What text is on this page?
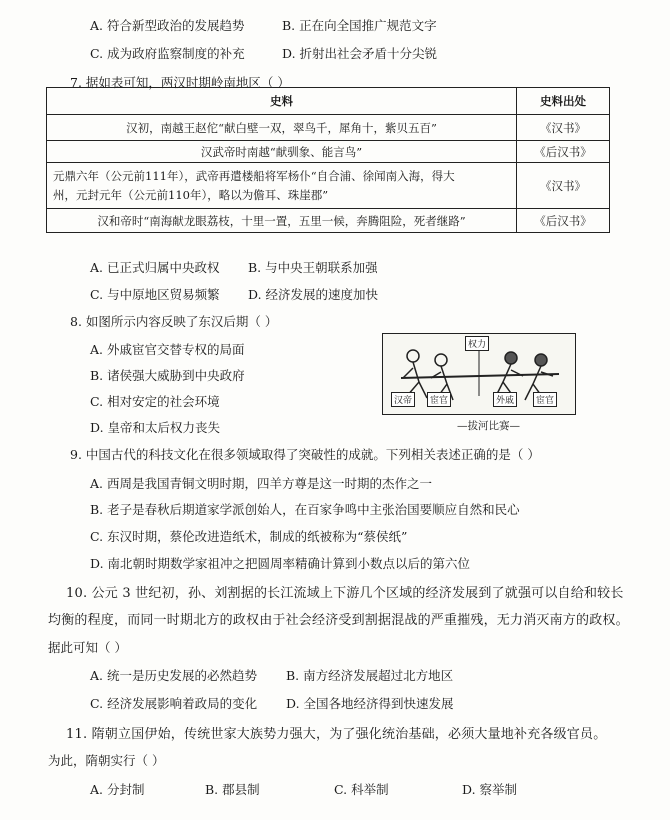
A. 符合新型政治的发展趋势	B. 正在向全国推广规范文字
C. 成为政府监察制度的补充	D. 折射出社会矛盾十分尖锐
7. 据如表可知，两汉时期岭南地区（ ）
史料	史料出处
汉初，南越王赵佗“献白壁一双，翠鸟千，犀角十，紫贝五百”	《汉书》
汉武帝时南越“献驯象、能言鸟”	《后汉书》

元鼎六年（公元前111年），武帝再遣楼船将军杨仆“自合浦、徐闻南入海，得大
州，元封元年（公元前110年），略以为儋耳、珠崖郡”	《汉书》
汉和帝时“南海献龙眼荔枝，十里一置，五里一候，奔腾阻险，死者继路”	《后汉书》
A. 已正式归属中央政权 B. 与中央王朝联系加强
C. 与中原地区贸易频繁 D. 经济发展的速度加快
8. 如图所示内容反映了东汉后期（ ）
A. 外戚宦官交替专权的局面
B. 诸侯强大威胁到中央政府
C. 相对安定的社会环境
D. 皇帝和太后权力丧失
权力
汉帝	宦官	外戚	宦官
—拔河比赛—
9. 中国古代的科技文化在很多领域取得了突破性的成就。下列相关表述正确的是（ ）
A. 西周是我国青铜文明时期，四羊方尊是这一时期的杰作之一
B. 老子是春秋后期道家学派创始人，在百家争鸣中主张治国要顺应自然和民心
C. 东汉时期，蔡伦改进造纸术，制成的纸被称为“蔡侯纸”
D. 南北朝时期数学家祖冲之把圆周率精确计算到小数点以后的第六位
10. 公元 3 世纪初，孙、刘割据的长江流域上下游几个区域的经济发展到了就强可以自给和较长
均衡的程度，而同一时期北方的政权由于社会经济受到割据混战的严重摧残，无力消灭南方的政权。
据此可知（ ）
A. 统一是历史发展的必然趋势 B. 南方经济发展超过北方地区
C. 经济发展影响着政局的变化 D. 全国各地经济得到快速发展
11. 隋朝立国伊始，传统世家大族势力强大，为了强化统治基础，必须大量地补充各级官员。
为此，隋朝实行（ ）
A. 分封制	B. 郡县制	C. 科举制	D. 察举制
